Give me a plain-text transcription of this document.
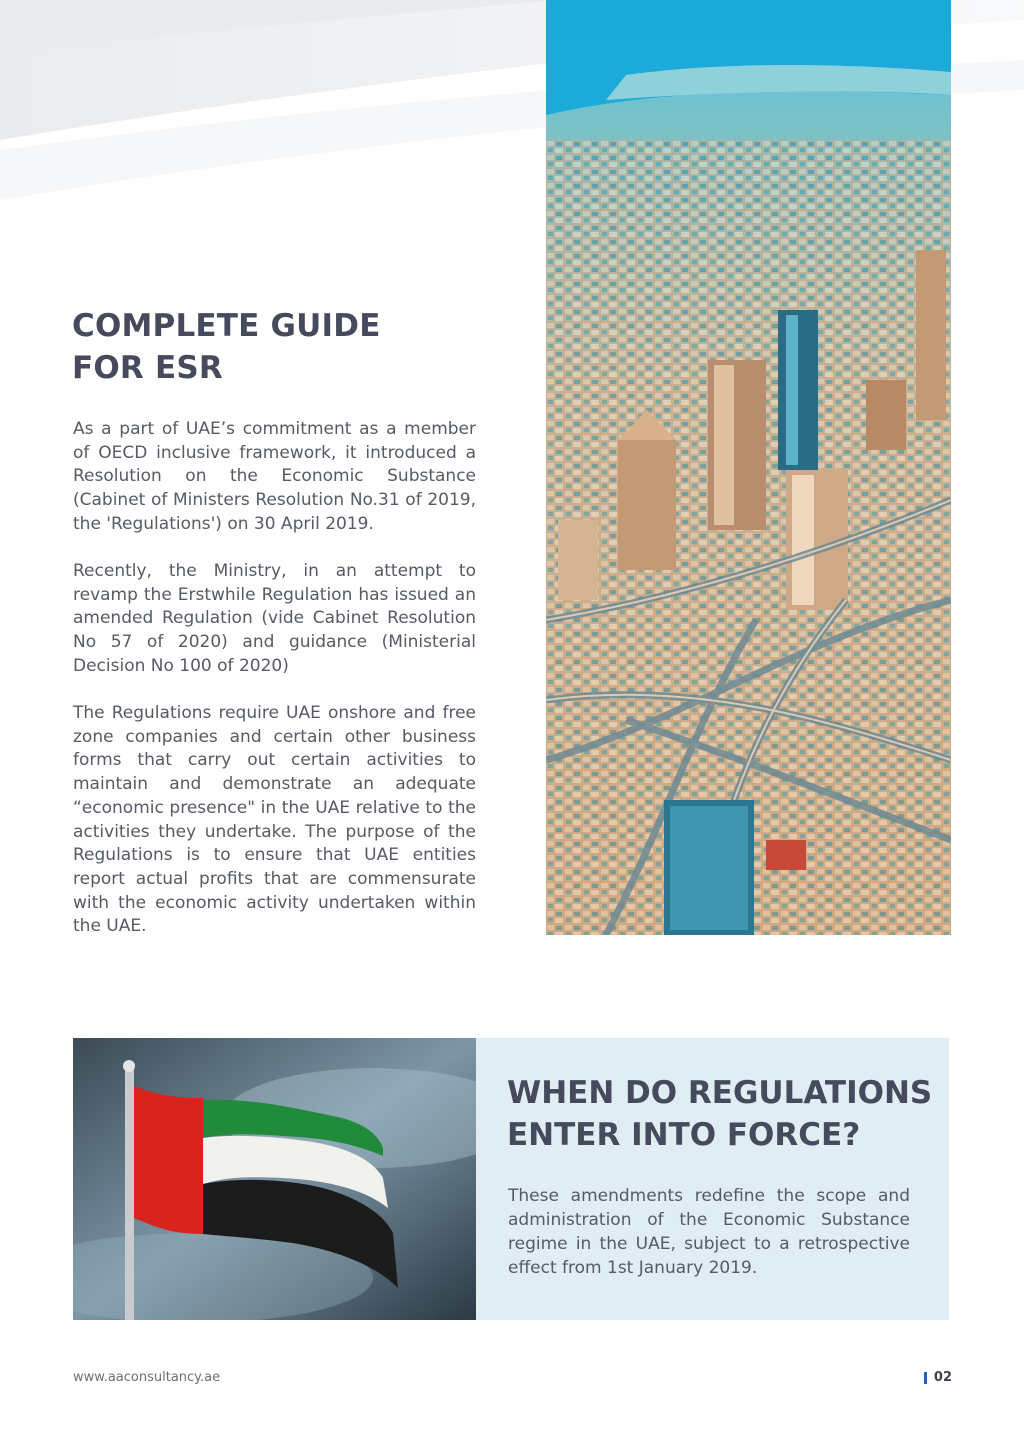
COMPLETE GUIDE
FOR ESR

As a part of UAE’s commitment as a member of OECD inclusive framework, it introduced a Resolution on the Economic Substance (Cabinet of Ministers Resolution No.31 of 2019, the 'Regulations') on 30 April 2019.

Recently, the Ministry, in an attempt to revamp the Erstwhile Regulation has issued an amended Regulation (vide Cabinet Resolution No 57 of 2020) and guidance (Ministerial Decision No 100 of 2020)

The Regulations require UAE onshore and free zone companies and certain other business forms that carry out certain activities to maintain and demonstrate an adequate “economic presence" in the UAE relative to the activities they undertake. The purpose of the Regulations is to ensure that UAE entities report actual profits that are commensurate with the economic activity undertaken within the UAE.

WHEN DO REGULATIONS
ENTER INTO FORCE?

These amendments redefine the scope and administration of the Economic Substance regime in the UAE, subject to a retrospective effect from 1st January 2019.

www.aaconsultancy.ae	02
